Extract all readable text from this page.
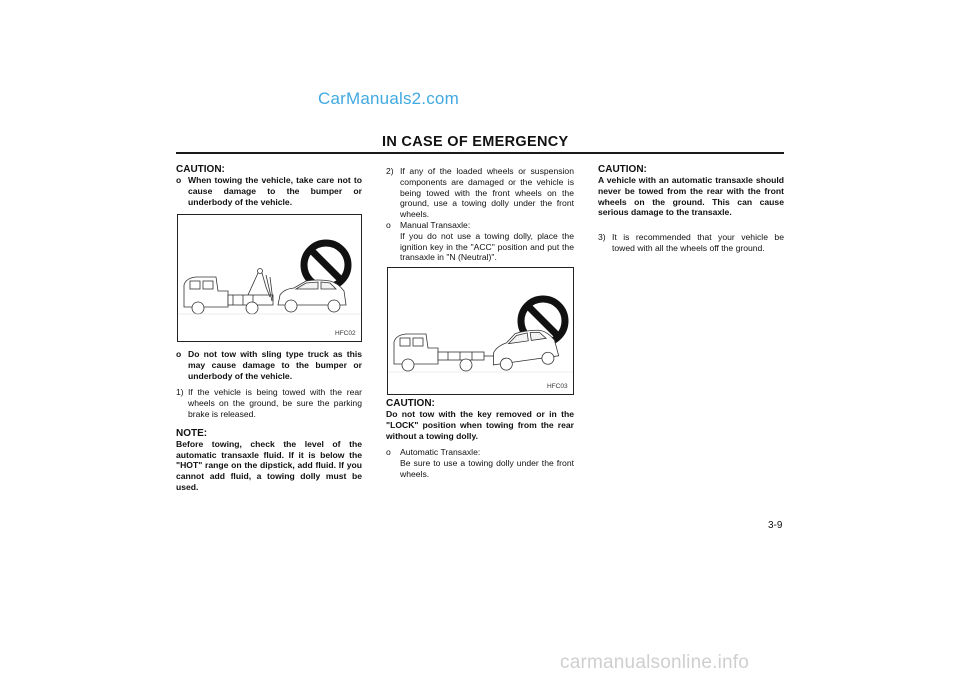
CarManuals2.com
IN CASE OF EMERGENCY
CAUTION:
o When towing the vehicle, take care not to cause damage to the bumper or underbody of the vehicle.
HFC02
o Do not tow with sling type truck as this may cause damage to the bumper or underbody of the vehicle.
1) If the vehicle is being towed with the rear wheels on the ground, be sure the parking brake is released.
NOTE:
Before towing, check the level of the automatic transaxle fluid. If it is below the "HOT" range on the dipstick, add fluid. If you cannot add fluid, a towing dolly must be used.
2) If any of the loaded wheels or suspension components are damaged or the vehicle is being towed with the front wheels on the ground, use a towing dolly under the front wheels.
o	Manual Transaxle:
If you do not use a towing dolly, place the ignition key in the "ACC" position and put the transaxle in "N (Neutral)".
HFC03
CAUTION:
Do not tow with the key removed or in the "LOCK" position when towing from the rear without a towing dolly.
o	Automatic Transaxle:
Be sure to use a towing dolly under the front wheels.
CAUTION:
A vehicle with an automatic transaxle should never be towed from the rear with the front wheels on the ground. This can cause serious damage to the transaxle.
3) It is recommended that your vehicle be towed with all the wheels off the ground.
3-9
carmanualsonline.info
